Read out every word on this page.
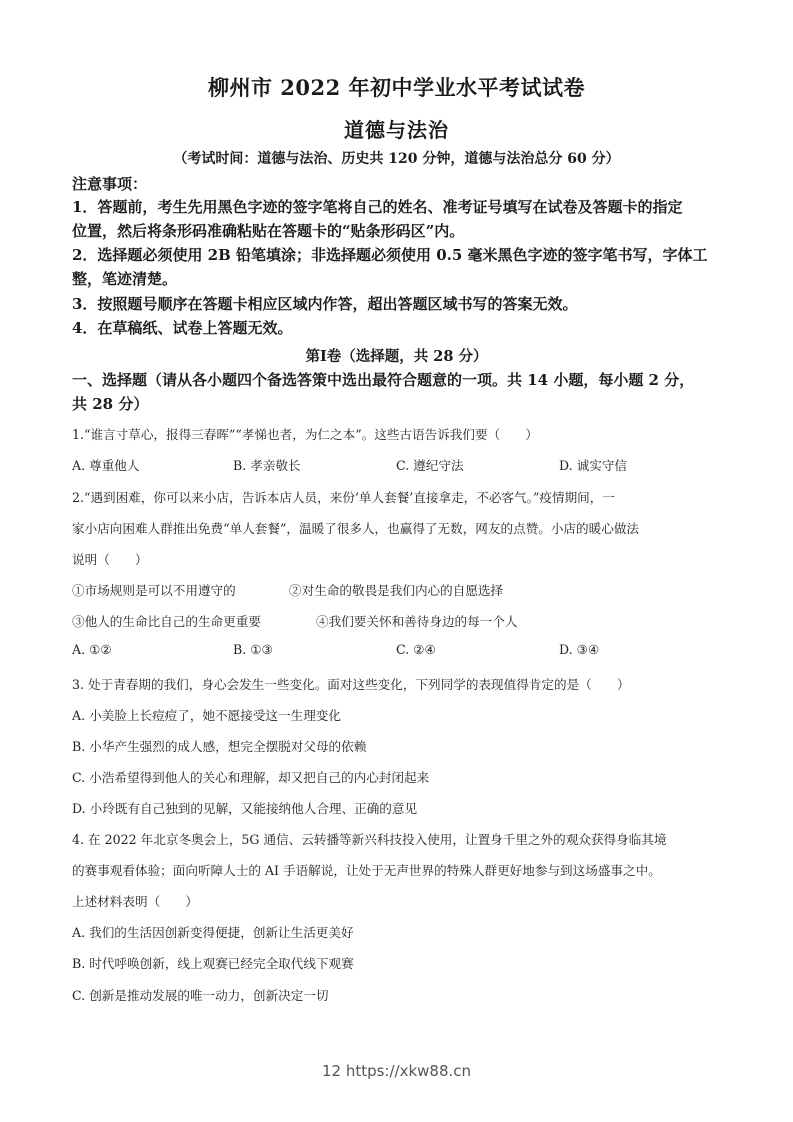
柳州市 2022 年初中学业水平考试试卷
道德与法治
（考试时间：道德与法治、历史共 120 分钟，道德与法治总分 60 分）
注意事项：
1．答题前，考生先用黑色字迹的签字笔将自己的姓名、准考证号填写在试卷及答题卡的指定
位置，然后将条形码准确粘贴在答题卡的“贴条形码区”内。
2．选择题必须使用 2B 铅笔填涂；非选择题必须使用 0.5 毫米黑色字迹的签字笔书写，字体工
整，笔迹清楚。
3．按照题号顺序在答题卡相应区域内作答，超出答题区域书写的答案无效。
4．在草稿纸、试卷上答题无效。
第Ⅰ卷（选择题，共 28 分）
一、选择题（请从各小题四个备选答策中选出最符合题意的一项。共 14 小题，每小题 2 分，
共 28 分）
1.“谁言寸草心，报得三春晖”“孝悌也者，为仁之本”。这些古语告诉我们要（　　）
A. 尊重他人	B. 孝亲敬长	C. 遵纪守法	D. 诚实守信
2.“遇到困难，你可以来小店，告诉本店人员，来份‘单人套餐’直接拿走，不必客气。”疫情期间，一
家小店向困难人群推出免费“单人套餐”，温暖了很多人，也赢得了无数，网友的点赞。小店的暖心做法
说明（　　）
①市场规则是可以不用遵守的	②对生命的敬畏是我们内心的自愿选择
③他人的生命比自己的生命更重要	④我们要关怀和善待身边的每一个人
A. ①②	B. ①③	C. ②④	D. ③④
3. 处于青春期的我们，身心会发生一些变化。面对这些变化，下列同学的表现值得肯定的是（　　）
A. 小美脸上长痘痘了，她不愿接受这一生理变化
B. 小华产生强烈的成人感，想完全摆脱对父母的依赖
C. 小浩希望得到他人的关心和理解，却又把自己的内心封闭起来
D. 小玲既有自己独到的见解，又能接纳他人合理、正确的意见
4. 在 2022 年北京冬奥会上，5G 通信、云转播等新兴科技投入使用，让置身千里之外的观众获得身临其境
的赛事观看体验；面向听障人士的 AI 手语解说，让处于无声世界的特殊人群更好地参与到这场盛事之中。
上述材料表明（　　）
A. 我们的生活因创新变得便捷，创新让生活更美好
B. 时代呼唤创新，线上观赛已经完全取代线下观赛
C. 创新是推动发展的唯一动力，创新决定一切
12 https://xkw88.cn
